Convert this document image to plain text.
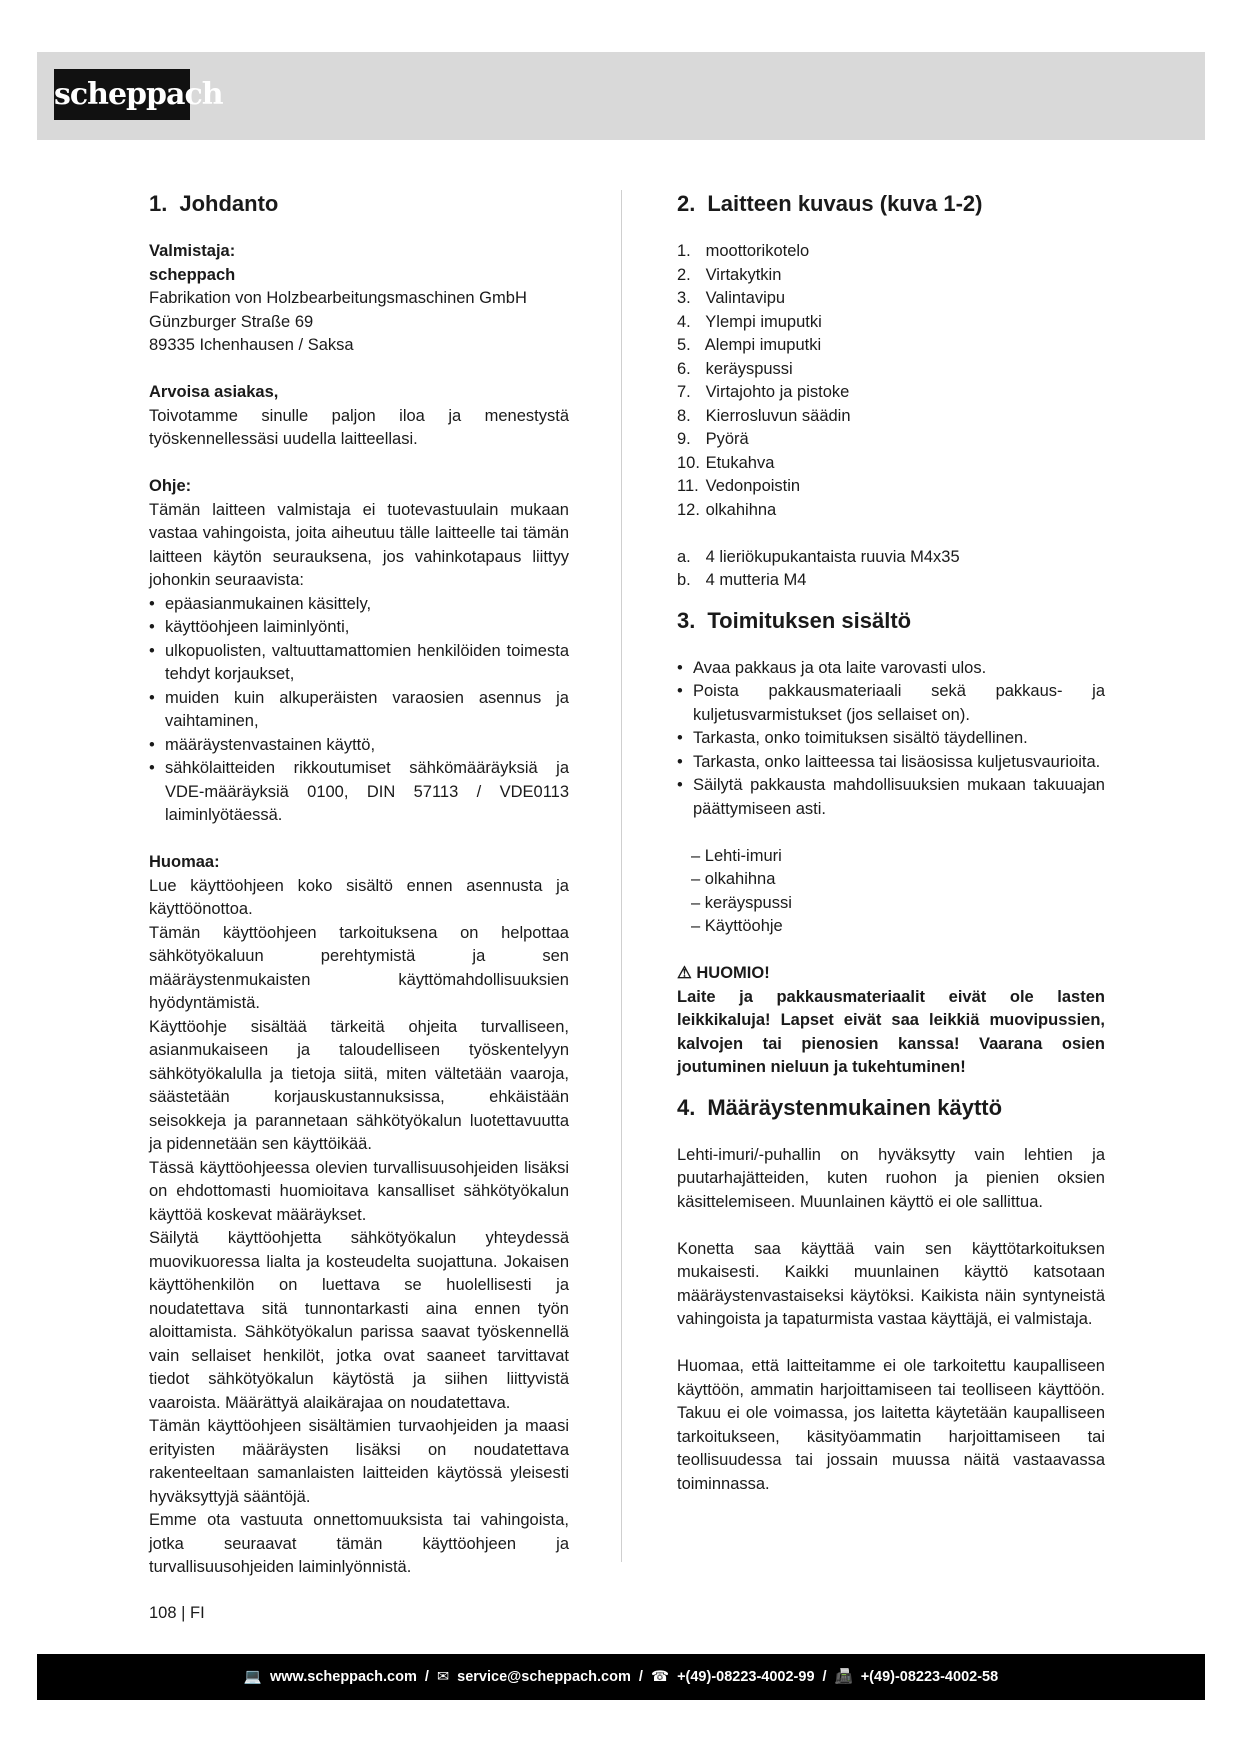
scheppach
1. Johdanto

Valmistaja:

scheppach

Fabrikation von Holzbearbeitungsmaschinen GmbH

Günzburger Straße 69

89335 Ichenhausen / Saksa

Arvoisa asiakas,

Toivotamme sinulle paljon iloa ja menestystä työskennellessäsi uudella laitteellasi.

Ohje:

Tämän laitteen valmistaja ei tuotevastuulain mukaan vastaa vahingoista, joita aiheutuu tälle laitteelle tai tämän laitteen käytön seurauksena, jos vahinkotapaus liittyy johonkin seuraavista:

• epäasianmukainen käsittely,
• käyttöohjeen laiminlyönti,
• ulkopuolisten, valtuuttamattomien henkilöiden toimesta tehdyt korjaukset,
• muiden kuin alkuperäisten varaosien asennus ja vaihtaminen,
• määräystenvastainen käyttö,
• sähkölaitteiden rikkoutumiset sähkömääräyksiä ja VDE-määräyksiä 0100, DIN 57113 / VDE0113 laiminlyötäessä.

Huomaa:

Lue käyttöohjeen koko sisältö ennen asennusta ja käyttöönottoa.

Tämän käyttöohjeen tarkoituksena on helpottaa sähkötyökaluun perehtymistä ja sen määräystenmukaisten käyttömahdollisuuksien hyödyntämistä.

Käyttöohje sisältää tärkeitä ohjeita turvalliseen, asianmukaiseen ja taloudelliseen työskentelyyn sähkötyökalulla ja tietoja siitä, miten vältetään vaaroja, säästetään korjauskustannuksissa, ehkäistään seisokkeja ja parannetaan sähkötyökalun luotettavuutta ja pidennetään sen käyttöikää.

Tässä käyttöohjeessa olevien turvallisuusohjeiden lisäksi on ehdottomasti huomioitava kansalliset sähkötyökalun käyttöä koskevat määräykset.

Säilytä käyttöohjetta sähkötyökalun yhteydessä muovikuoressa lialta ja kosteudelta suojattuna. Jokaisen käyttöhenkilön on luettava se huolellisesti ja noudatettava sitä tunnontarkasti aina ennen työn aloittamista. Sähkötyökalun parissa saavat työskennellä vain sellaiset henkilöt, jotka ovat saaneet tarvittavat tiedot sähkötyökalun käytöstä ja siihen liittyvistä vaaroista. Määrättyä alaikärajaa on noudatettava.

Tämän käyttöohjeen sisältämien turvaohjeiden ja maasi erityisten määräysten lisäksi on noudatettava rakenteeltaan samanlaisten laitteiden käytössä yleisesti hyväksyttyjä sääntöjä.

Emme ota vastuuta onnettomuuksista tai vahingoista, jotka seuraavat tämän käyttöohjeen ja turvallisuusohjeiden laiminlyönnistä.

2. Laitteen kuvaus (kuva 1-2)
1. moottorikotelo
2. Virtakytkin
3. Valintavipu
4. Ylempi imuputki
5. Alempi imuputki
6. keräyspussi
7. Virtajohto ja pistoke
8. Kierrosluvun säädin
9. Pyörä
10. Etukahva
11. Vedonpoistin
12. olkahihna
a. 4 lieriökupukantaista ruuvia M4x35
b. 4 mutteria M4
3. Toimituksen sisältö
• Avaa pakkaus ja ota laite varovasti ulos.
• Poista pakkausmateriaali sekä pakkaus- ja kuljetusvarmistukset (jos sellaiset on).
• Tarkasta, onko toimituksen sisältö täydellinen.
• Tarkasta, onko laitteessa tai lisäosissa kuljetusvaurioita.
• Säilytä pakkausta mahdollisuuksien mukaan takuuajan päättymiseen asti.
– Lehti-imuri
– olkahihna
– keräyspussi
– Käyttöohje

⚠ HUOMIO!

Laite ja pakkausmateriaalit eivät ole lasten leikkikaluja! Lapset eivät saa leikkiä muovipussien, kalvojen tai pienosien kanssa! Vaarana osien joutuminen nieluun ja tukehtuminen!

4. Määräystenmukainen käyttö

Lehti-imuri/-puhallin on hyväksytty vain lehtien ja puutarhajätteiden, kuten ruohon ja pienien oksien käsittelemiseen. Muunlainen käyttö ei ole sallittua.

Konetta saa käyttää vain sen käyttötarkoituksen mukaisesti. Kaikki muunlainen käyttö katsotaan määräystenvastaiseksi käytöksi. Kaikista näin syntyneistä vahingoista ja tapaturmista vastaa käyttäjä, ei valmistaja.

Huomaa, että laitteitamme ei ole tarkoitettu kaupalliseen käyttöön, ammatin harjoittamiseen tai teolliseen käyttöön. Takuu ei ole voimassa, jos laitetta käytetään kaupalliseen tarkoitukseen, käsityöammatin harjoittamiseen tai teollisuudessa tai jossain muussa näitä vastaavassa toiminnassa.

108 | FI
💻 www.scheppach.com / ✉ service@scheppach.com / ☎ +(49)-08223-4002-99 / 📠 +(49)-08223-4002-58
